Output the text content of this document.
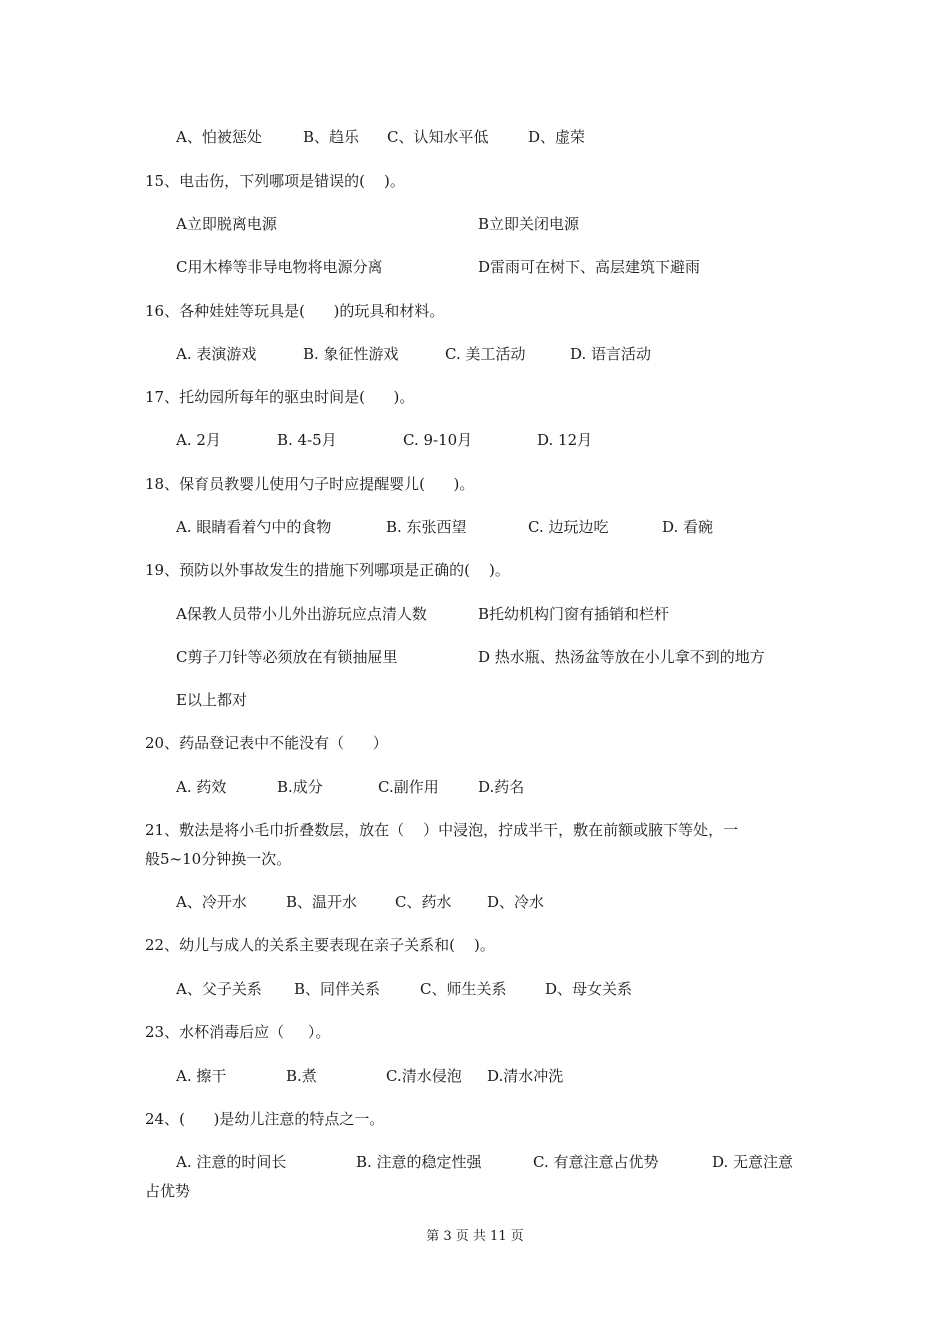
A、怕被惩处	B、趋乐 C、认知水平低	D、虚荣
15、电击伤，下列哪项是错误的(    )。
A立即脱离电源	B立即关闭电源
C用木棒等非导电物将电源分离	D雷雨可在树下、高层建筑下避雨
16、各种娃娃等玩具是(      )的玩具和材料。
A. 表演游戏	B. 象征性游戏	C. 美工活动	D. 语言活动
17、托幼园所每年的驱虫时间是(      )。
A. 2月	B. 4-5月	C. 9-10月	D. 12月
18、保育员教婴儿使用勺子时应提醒婴儿(      )。
A. 眼睛看着勺中的食物	B. 东张西望	C. 边玩边吃	D. 看碗
19、预防以外事故发生的措施下列哪项是正确的(    )。
A保教人员带小儿外出游玩应点清人数	B托幼机构门窗有插销和栏杆
C剪子刀针等必须放在有锁抽屉里	D 热水瓶、热汤盆等放在小儿拿不到的地方
E以上都对
20、药品登记表中不能没有（      ）
A. 药效	B.成分	C.副作用	D.药名
21、敷法是将小毛巾折叠数层，放在（    ）中浸泡，拧成半干，敷在前额或腋下等处，一
般5~10分钟换一次。
A、冷开水	B、温开水	C、药水 D、冷水
22、幼儿与成人的关系主要表现在亲子关系和(    )。
A、父子关系 B、同伴关系	C、师生关系	D、母女关系
23、水杯消毒后应（     ）。
A. 擦干	B.煮	C.清水侵泡 D.清水冲洗
24、(      )是幼儿注意的特点之一。
A. 注意的时间长	B. 注意的稳定性强	C. 有意注意占优势	D. 无意注意
占优势
第 3 页 共 11 页
